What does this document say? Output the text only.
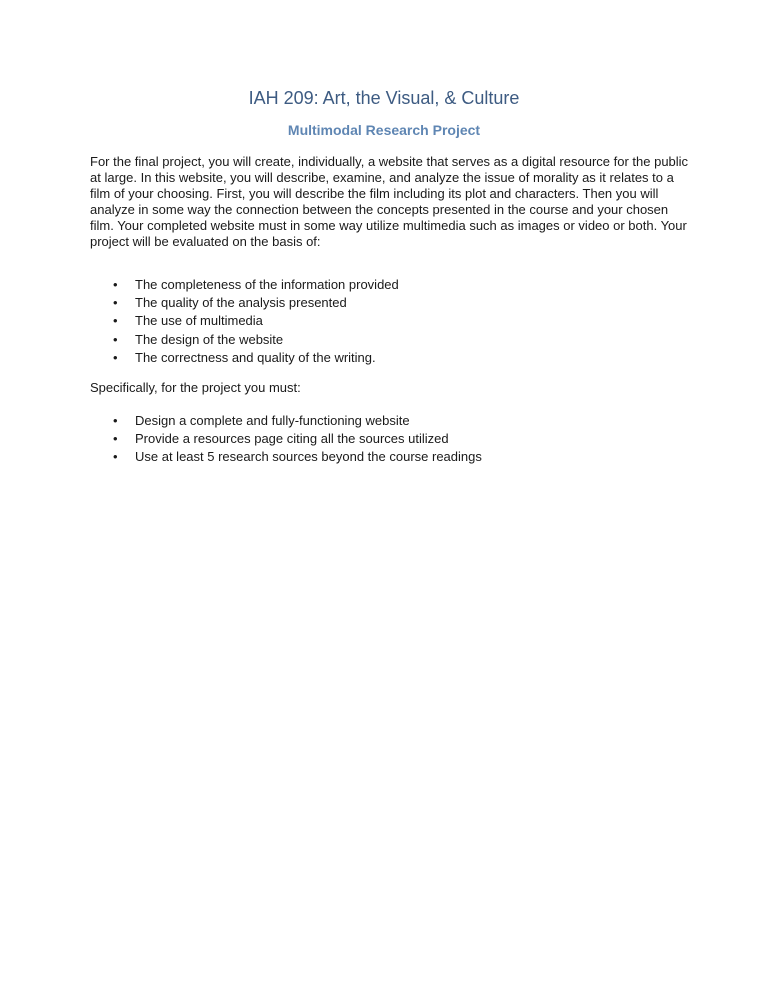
IAH 209: Art, the Visual, & Culture
Multimodal Research Project

For the final project, you will create, individually, a website that serves as a digital resource for the public at large. In this website, you will describe, examine, and analyze the issue of morality as it relates to a film of your choosing. First, you will describe the film including its plot and characters. Then you will analyze in some way the connection between the concepts presented in the course and your chosen film. Your completed website must in some way utilize multimedia such as images or video or both. Your project will be evaluated on the basis of:

• The completeness of the information provided
• The quality of the analysis presented
• The use of multimedia
• The design of the website
• The correctness and quality of the writing.

Specifically, for the project you must:

• Design a complete and fully-functioning website
• Provide a resources page citing all the sources utilized
• Use at least 5 research sources beyond the course readings
